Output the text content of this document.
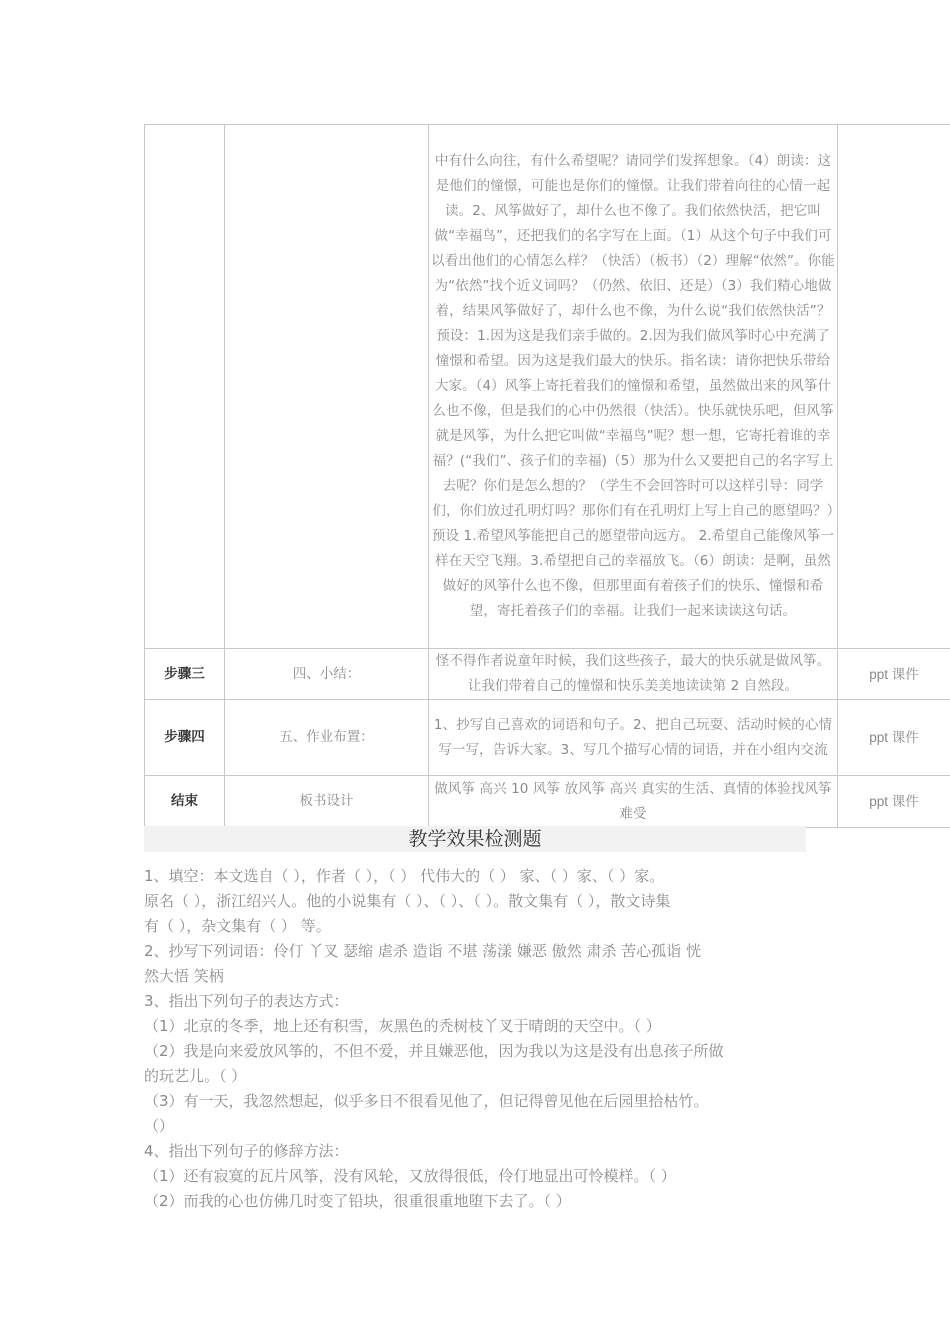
		中有什么向往，有什么希望呢？请同学们发挥想象。（4）朗读：这是他们的憧憬，可能也是你们的憧憬。让我们带着向往的心情一起读。2、风筝做好了，却什么也不像了。我们依然快活，把它叫做“幸福鸟”，还把我们的名字写在上面。（1）从这个句子中我们可以看出他们的心情怎么样？（快活）（板书）（2）理解“依然”。你能为“依然”找个近义词吗？（仍然、依旧、还是）（3）我们精心地做着，结果风筝做好了，却什么也不像，为什么说“我们依然快活”？预设：1.因为这是我们亲手做的。2.因为我们做风筝时心中充满了憧憬和希望。因为这是我们最大的快乐。指名读：请你把快乐带给大家。（4）风筝上寄托着我们的憧憬和希望，虽然做出来的风筝什么也不像，但是我们的心中仍然很（快活）。快乐就快乐吧，但风筝就是风筝，为什么把它叫做“幸福鸟”呢？想一想，它寄托着谁的幸福？(“我们”、孩子们的幸福)（5）那为什么又要把自己的名字写上去呢？你们是怎么想的？（学生不会回答时可以这样引导：同学们，你们放过孔明灯吗？那你们有在孔明灯上写上自己的愿望吗？）预设 1.希望风筝能把自己的愿望带向远方。 2.希望自己能像风筝一样在天空飞翔。3.希望把自己的幸福放飞。（6）朗读：是啊，虽然做好的风筝什么也不像，但那里面有着孩子们的快乐、憧憬和希望，寄托着孩子们的幸福。让我们一起来读读这句话。	
步骤三	四、小结：	怪不得作者说童年时候，我们这些孩子，最大的快乐就是做风筝。让我们带着自己的憧憬和快乐美美地读读第 2 自然段。	ppt 课件
步骤四	五、作业布置：	1、抄写自己喜欢的词语和句子。2、把自己玩耍、活动时候的心情写一写，告诉大家。3、写几个描写心情的词语，并在小组内交流	ppt 课件
结束	板书设计	做风筝 高兴 10 风筝 放风筝 高兴 真实的生活、真情的体验找风筝 难受	ppt 课件
教学效果检测题

1、填空：本文选自（ ），作者（ ），（ ） 代伟大的（ ） 家、（ ）家、（ ）家。

原名（ ），浙江绍兴人。他的小说集有（ ）、（ ）、（ ）。散文集有（ ），散文诗集

有（ ），杂文集有（ ） 等。

2、抄写下列词语：伶仃 丫叉 瑟缩 虐杀 造诣 不堪 荡漾 嫌恶 傲然 肃杀 苦心孤诣 恍

然大悟 笑柄

3、指出下列句子的表达方式：

（1）北京的冬季，地上还有积雪，灰黑色的秃树枝丫叉于晴朗的天空中。（ ）

（2）我是向来爱放风筝的，不但不爱，并且嫌恶他，因为我以为这是没有出息孩子所做

的玩艺儿。（ ）

（3）有一天，我忽然想起，似乎多日不很看见他了，但记得曾见他在后园里拾枯竹。

（）

4、指出下列句子的修辞方法：

（1）还有寂寞的瓦片风筝，没有风轮，又放得很低，伶仃地显出可怜模样。（ ）

（2）而我的心也仿佛几时变了铅块，很重很重地堕下去了。（ ）
